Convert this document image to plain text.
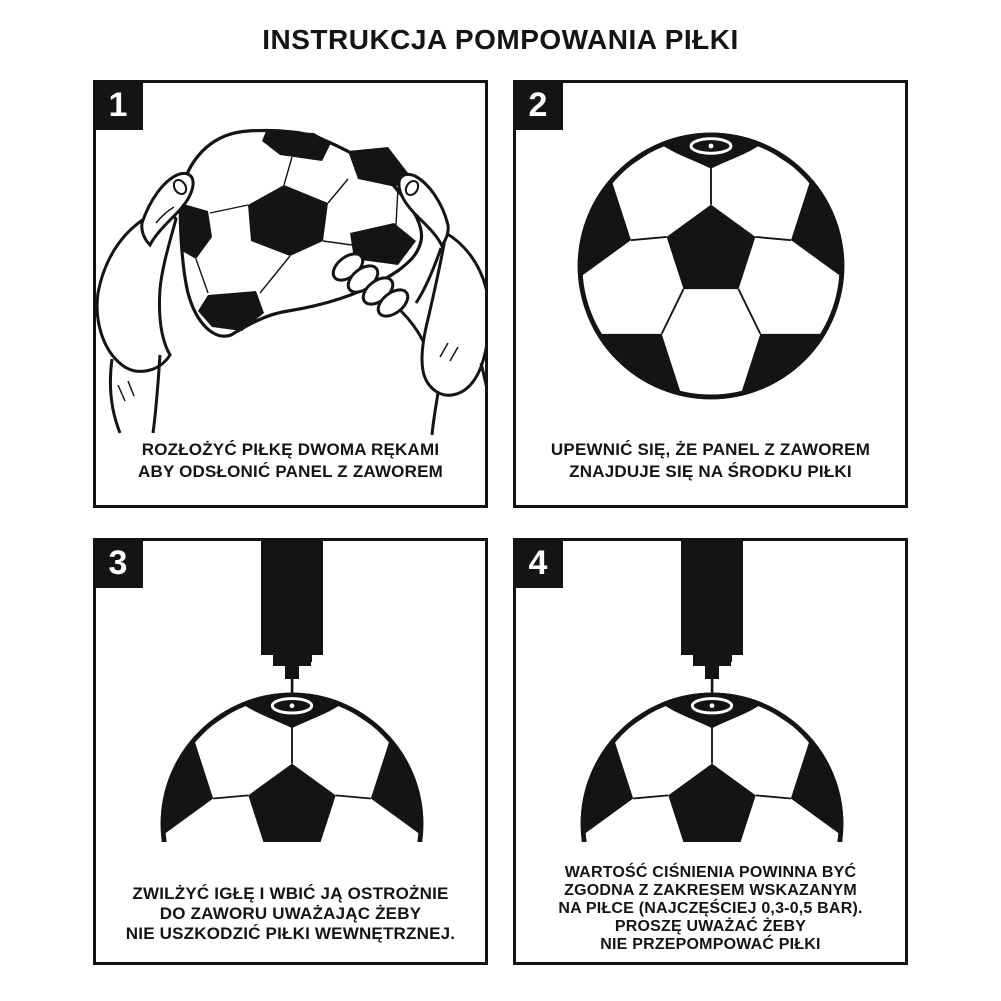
INSTRUKCJA POMPOWANIA PIŁKI
1
ROZŁOŻYĆ PIŁKĘ DWOMA RĘKAMI
ABY ODSŁONIĆ PANEL Z ZAWOREM
2
UPEWNIĆ SIĘ, ŻE PANEL Z ZAWOREM
ZNAJDUJE SIĘ NA ŚRODKU PIŁKI
3
ZWILŻYĆ IGŁĘ I WBIĆ JĄ OSTROŻNIE
DO ZAWORU UWAŻAJĄC ŻEBY
NIE USZKODZIĆ PIŁKI WEWNĘTRZNEJ.
4
WARTOŚĆ CIŚNIENIA POWINNA BYĆ
ZGODNA Z ZAKRESEM WSKAZANYM
NA PIŁCE (NAJCZĘŚCIEJ 0,3-0,5 BAR).
PROSZĘ UWAŻAĆ ŻEBY
NIE PRZEPOMPOWAĆ PIŁKI
